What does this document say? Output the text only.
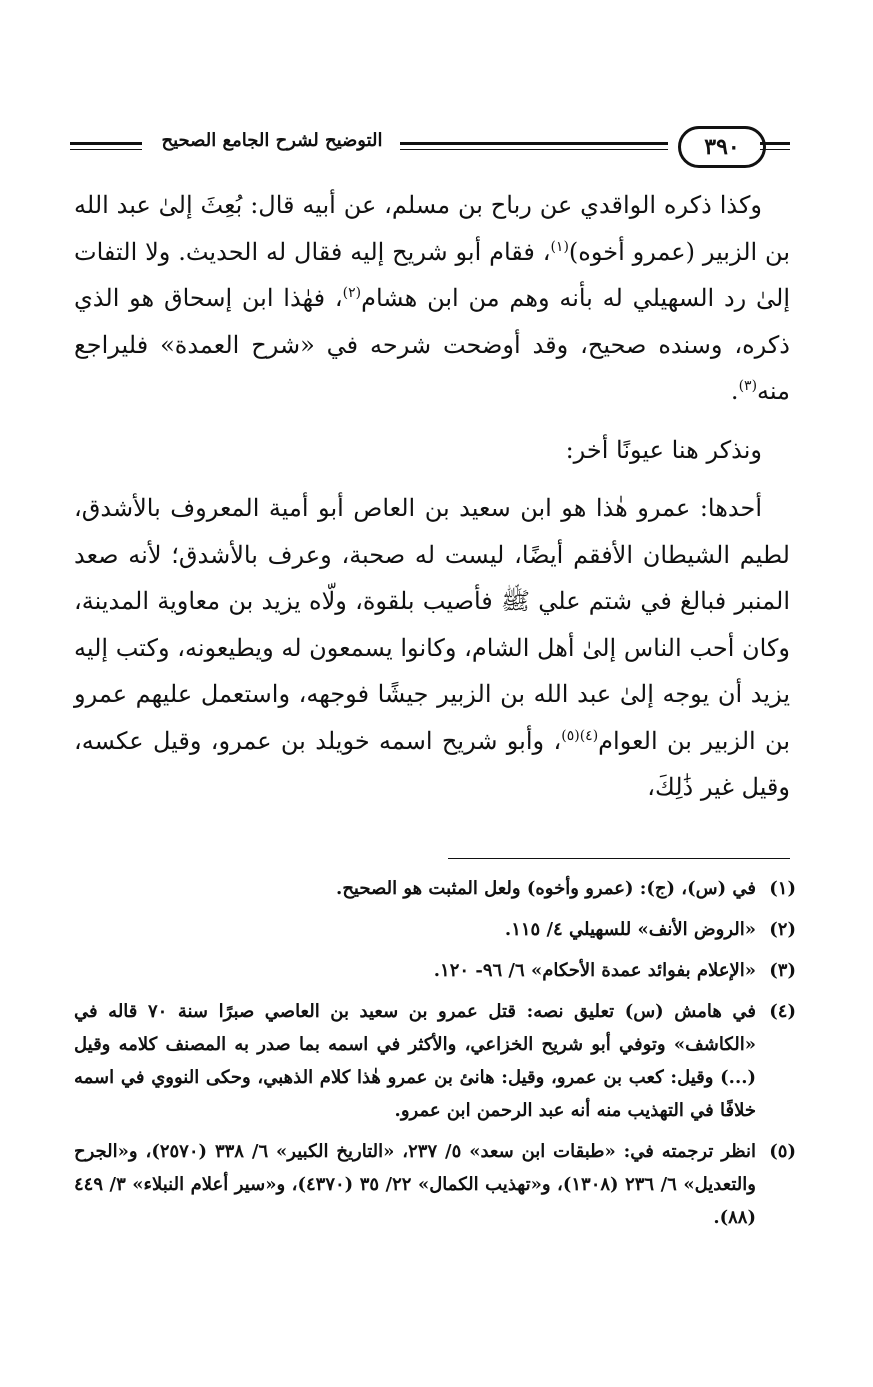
التوضيح لشرح الجامع الصحيح	٣٩٠

وكذا ذكره الواقدي عن رباح بن مسلم، عن أبيه قال: بُعِثَ إلىٰ عبد الله بن الزبير (عمرو أخوه)$^{(١)}$، فقام أبو شريح إليه فقال له الحديث. ولا التفات إلىٰ رد السهيلي له بأنه وهم من ابن هشام$^{(٢)}$، فهٰذا ابن إسحاق هو الذي ذكره، وسنده صحيح، وقد أوضحت شرحه في «شرح العمدة» فليراجع منه$^{(٣)}$.

ونذكر هنا عيونًا أخر:

أحدها: عمرو هٰذا هو ابن سعيد بن العاص أبو أمية المعروف بالأشدق، لطيم الشيطان الأفقم أيضًا، ليست له صحبة، وعرف بالأشدق؛ لأنه صعد المنبر فبالغ في شتم علي ﷺ فأصيب بلقوة، ولّاه يزيد بن معاوية المدينة، وكان أحب الناس إلىٰ أهل الشام، وكانوا يسمعون له ويطيعونه، وكتب إليه يزيد أن يوجه إلىٰ عبد الله بن الزبير جيشًا فوجهه، واستعمل عليهم عمرو بن الزبير بن العوام$^{(٤)(٥)}$، وأبو شريح اسمه خويلد بن عمرو، وقيل عكسه، وقيل غير ذَٰلِكَ،

(١)
في (س)، (ج): (عمرو وأخوه) ولعل المثبت هو الصحيح.
(٢)
«الروض الأنف» للسهيلي ٤/ ١١٥.
(٣)
«الإعلام بفوائد عمدة الأحكام» ٦/ ٩٦- ١٢٠.
(٤)
في هامش (س) تعليق نصه: قتل عمرو بن سعيد بن العاصي صبرًا سنة ٧٠ قاله في «الكاشف» وتوفي أبو شريح الخزاعي، والأكثر في اسمه بما صدر به المصنف كلامه وقيل (...) وقيل: كعب بن عمرو، وقيل: هانئ بن عمرو هٰذا كلام الذهبي، وحكى النووي في اسمه خلافًا في التهذيب منه أنه عبد الرحمن ابن عمرو.
(٥)
انظر ترجمته في: «طبقات ابن سعد» ٥/ ٢٣٧، «التاريخ الكبير» ٦/ ٣٣٨ (٢٥٧٠)، و«الجرح والتعديل» ٦/ ٢٣٦ (١٣٠٨)، و«تهذيب الكمال» ٢٢/ ٣٥ (٤٣٧٠)، و«سير أعلام النبلاء» ٣/ ٤٤٩ (٨٨).
